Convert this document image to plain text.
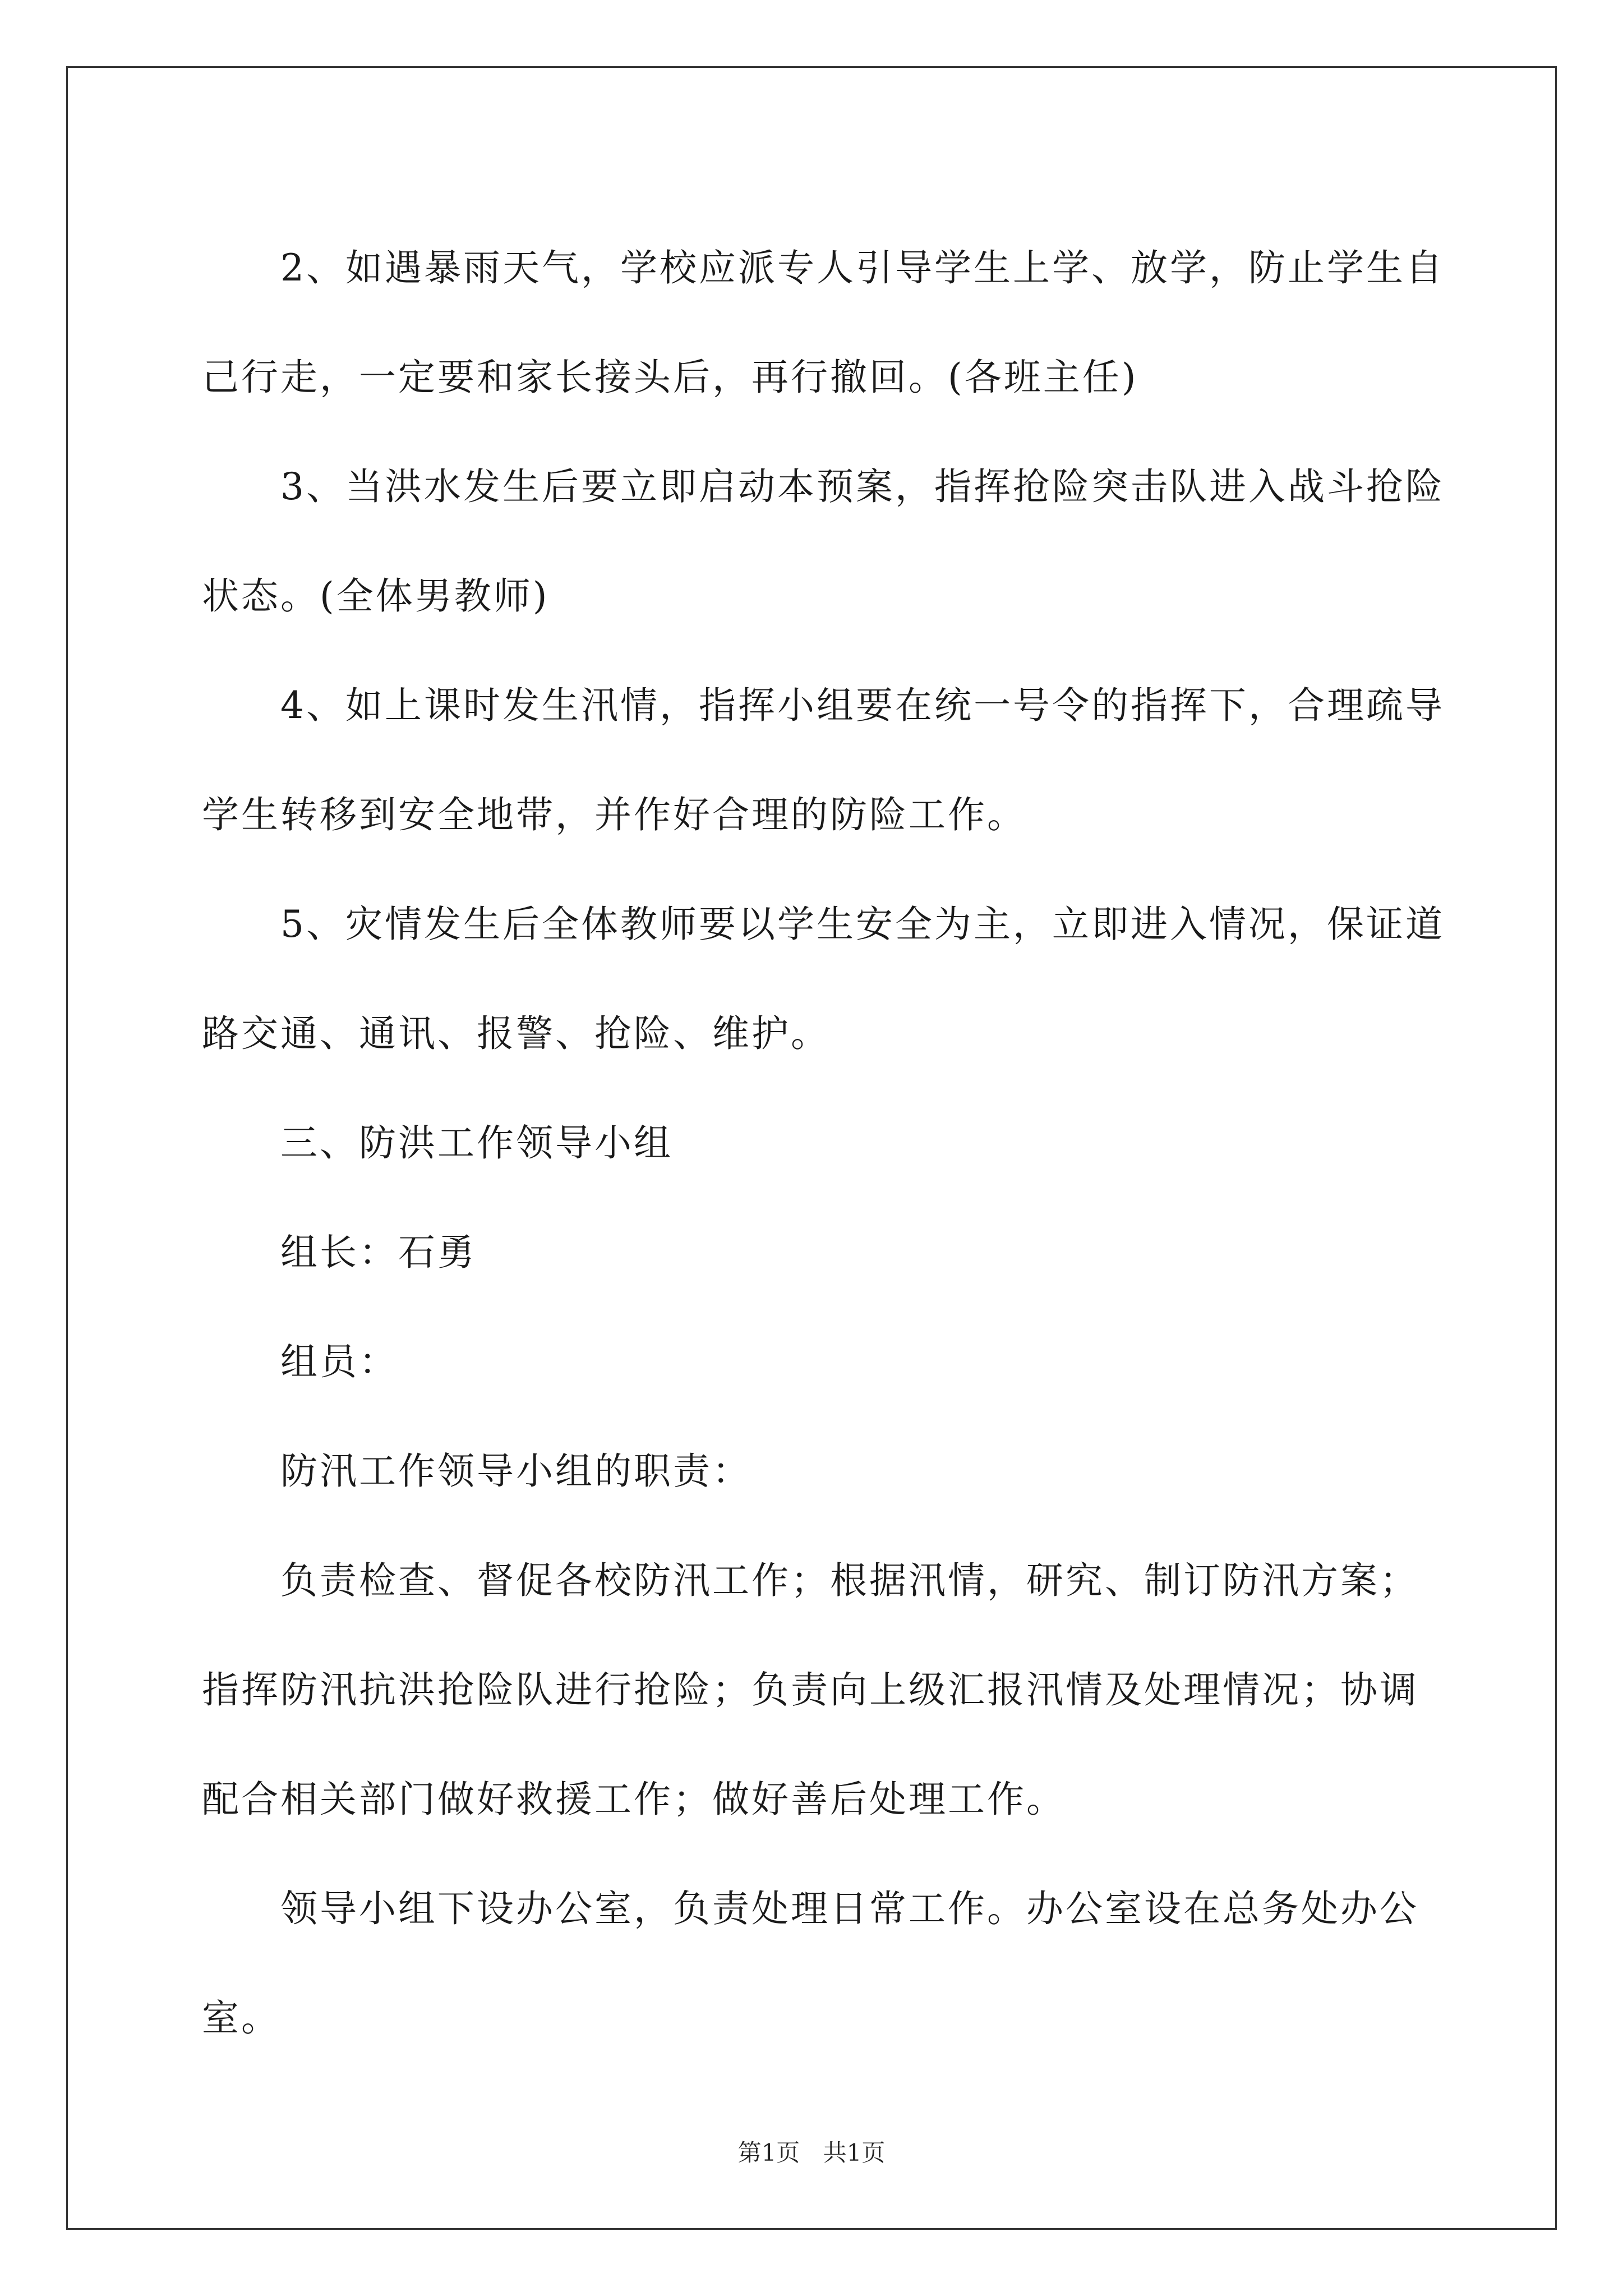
2、如遇暴雨天气，学校应派专人引导学生上学、放学，防止学生自己行走，一定要和家长接头后，再行撤回。(各班主任)

3、当洪水发生后要立即启动本预案，指挥抢险突击队进入战斗抢险状态。(全体男教师)

4、如上课时发生汛情，指挥小组要在统一号令的指挥下，合理疏导学生转移到安全地带，并作好合理的防险工作。

5、灾情发生后全体教师要以学生安全为主，立即进入情况，保证道路交通、通讯、报警、抢险、维护。

三、防洪工作领导小组

组长：石勇

组员：

防汛工作领导小组的职责：

负责检查、督促各校防汛工作；根据汛情，研究、制订防汛方案；指挥防汛抗洪抢险队进行抢险；负责向上级汇报汛情及处理情况；协调配合相关部门做好救援工作；做好善后处理工作。

领导小组下设办公室，负责处理日常工作。办公室设在总务处办公室。

第1页 共1页
